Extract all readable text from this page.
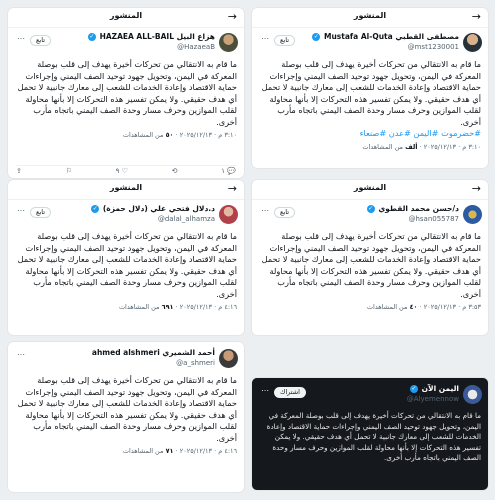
→
المنشور
مصطفى القطبي Mustafa Al-Quta ✓
@mst1230001
تابع
⋯
ما قام به الانتقالي من تحركات أخيرة يهدف إلى قلب بوصلة المعركة في اليمن، وتحويل جهود توحيد الصف اليمني وإجراءات حماية الاقتصاد وإعادة الخدمات للشعب إلى معارك جانبية لا تحمل أي هدف حقيقي. ولا يمكن تفسير هذه التحركات إلا بأنها محاولة لقلب الموازين وحرف مسار وحدة الصف اليمني باتجاه مأرب أخرى.
#حضرموت #اليمن #عدن #صنعاء
٣:١٠ م · ٢٠٢٥/١٢/١٣ · ألف من المشاهدات
→
المنشور
هزاع البيل HAZAEA ALL-BAIL ✓
@HazaeaB
تابع
⋯
ما قام به الانتقالي من تحركات أخيرة يهدف إلى قلب بوصلة المعركة في اليمن، وتحويل جهود توحيد الصف اليمني وإجراءات حماية الاقتصاد وإعادة الخدمات للشعب إلى معارك جانبية لا تحمل أي هدف حقيقي. ولا يمكن تفسير هذه التحركات إلا بأنها محاولة لقلب الموازين وحرف مسار وحدة الصف اليمني باتجاه مأرب أخرى.
٣:١٠ م · ٢٠٢٥/١٢/١٣ · ٥٠ من المشاهدات
💬 ١
⟲
♡ ٩
⚐
⇪
→
المنشور
د/حسن محمد القطوي ✓
@hsan055787
تابع
⋯
ما قام به الانتقالي من تحركات أخيرة يهدف إلى قلب بوصلة المعركة في اليمن، وتحويل جهود توحيد الصف اليمني وإجراءات حماية الاقتصاد وإعادة الخدمات للشعب إلى معارك جانبية لا تحمل أي هدف حقيقي. ولا يمكن تفسير هذه التحركات إلا بأنها محاولة لقلب الموازين وحرف مسار وحدة الصف اليمني باتجاه مأرب أخرى.
٣:٥٣ م · ٢٠٢٥/١٢/١٣ · ٤٠ من المشاهدات
→
المنشور
د.دلال فتحي علي (دلال حمزة) ✓
@dalal_alhamza
تابع
⋯
ما قام به الانتقالي من تحركات أخيرة يهدف إلى قلب بوصلة المعركة في اليمن، وتحويل جهود توحيد الصف اليمني وإجراءات حماية الاقتصاد وإعادة الخدمات للشعب إلى معارك جانبية لا تحمل أي هدف حقيقي. ولا يمكن تفسير هذه التحركات إلا بأنها محاولة لقلب الموازين وحرف مسار وحدة الصف اليمني باتجاه مأرب أخرى.
٤:١٦ م · ٢٠٢٥/١٢/١٣ · ٦٩١ من المشاهدات
أحمد الشميري ahmed alshmeri
@a_shmeri
⋯
ما قام به الانتقالي من تحركات أخيرة يهدف إلى قلب بوصلة المعركة في اليمن، وتحويل جهود توحيد الصف اليمني وإجراءات حماية الاقتصاد وإعادة الخدمات للشعب إلى معارك جانبية لا تحمل أي هدف حقيقي. ولا يمكن تفسير هذه التحركات إلا بأنها محاولة لقلب الموازين وحرف مسار وحدة الصف اليمني باتجاه مأرب أخرى.
٤:١٦ م · ٢٠٢٥/١٢/١٣ · ٧١ من المشاهدات
اليمن الآن ✓
@Alyemennow
اشتراك
⋯
ما قام به الانتقالي من تحركات أخيرة يهدف إلى قلب بوصلة المعركة في اليمن، وتحويل جهود توحيد الصف اليمني وإجراءات حماية الاقتصاد وإعادة الخدمات للشعب إلى معارك جانبية لا تحمل أي هدف حقيقي. ولا يمكن تفسير هذه التحركات إلا بأنها محاولة لقلب الموازين وحرف مسار وحدة الصف اليمني باتجاه مأرب أخرى.
